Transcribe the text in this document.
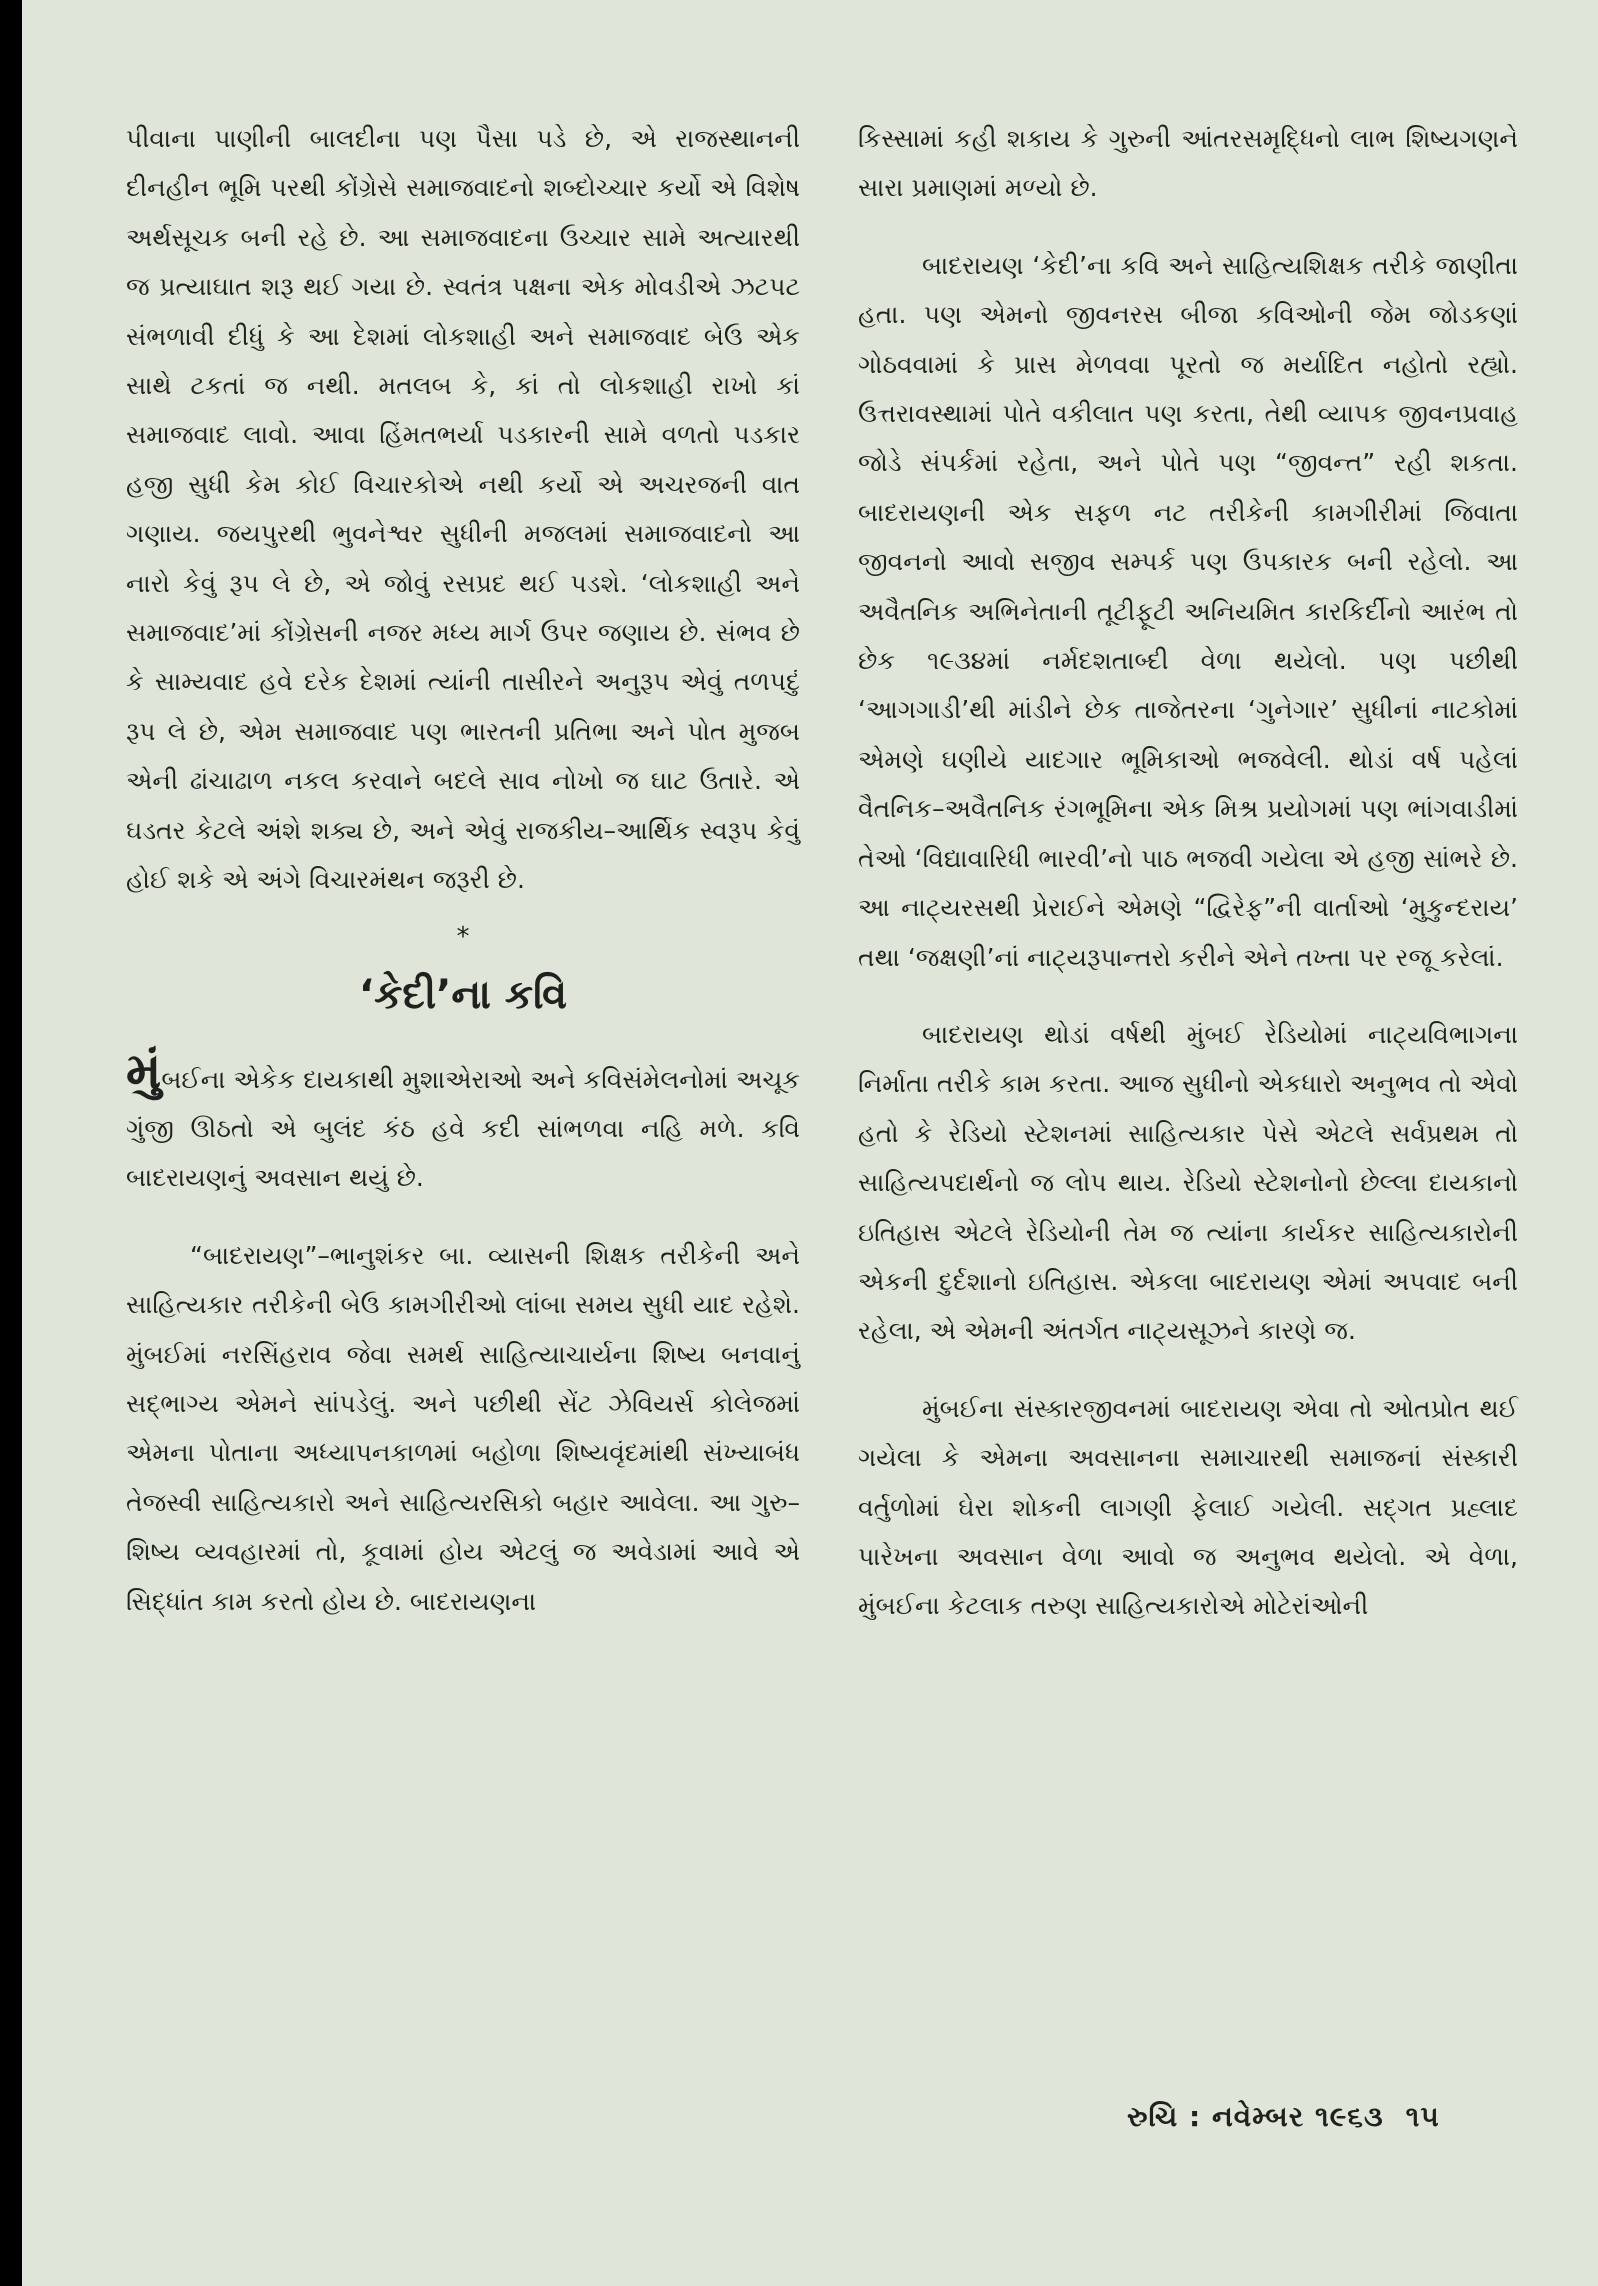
પીવાના પાણીની બાલદીના પણ પૈસા પડે છે, એ રાજસ્થાનની દીનહીન ભૂમિ પરથી કોંગ્રેસે સમાજવાદનો શબ્દોચ્ચાર કર્યો એ વિશેષ અર્થસૂચક બની રહે છે. આ સમાજવાદના ઉચ્ચાર સામે અત્યારથી જ પ્રત્યાઘાત શરૂ થઈ ગયા છે. સ્વતંત્ર પક્ષના એક મોવડીએ ઝટપટ સંભળાવી દીધું કે આ દેશમાં લોકશાહી અને સમાજવાદ બેઉ એક સાથે ટકતાં જ નથી. મતલબ કે, કાં તો લોકશાહી રાખો કાં સમાજવાદ લાવો. આવા હિંમતભર્યા પડકારની સામે વળતો પડકાર હજી સુધી કેમ કોઈ વિચારકોએ નથી કર્યો એ અચરજની વાત ગણાય. જયપુરથી ભુવનેશ્વર સુધીની મજલમાં સમાજવાદનો આ નારો કેવું રૂપ લે છે, એ જોવું રસપ્રદ થઈ પડશે. ‘લોકશાહી અને સમાજવાદ’માં કોંગ્રેસની નજર મધ્ય માર્ગ ઉપર જણાય છે. સંભવ છે કે સામ્યવાદ હવે દરેક દેશમાં ત્યાંની તાસીરને અનુરૂપ એવું તળપદું રૂપ લે છે, એમ સમાજવાદ પણ ભારતની પ્રતિભા અને પોત મુજબ એની ઢાંચાઢાળ નકલ કરવાને બદલે સાવ નોખો જ ઘાટ ઉતારે. એ ઘડતર કેટલે અંશે શક્ય છે, અને એવું રાજકીય–આર્થિક સ્વરૂપ કેવું હોઈ શકે એ અંગે વિચારમંથન જરૂરી છે.

*
‘કેદી’ના કવિ

મુંબઈના એકેક દાયકાથી મુશાએરાઓ અને કવિસંમેલનોમાં અચૂક ગુંજી ઊઠતો એ બુલંદ કંઠ હવે કદી સાંભળવા નહિ મળે. કવિ બાદરાયણનું અવસાન થયું છે.

“બાદરાયણ”–ભાનુશંકર બા. વ્યાસની શિક્ષક તરીકેની અને સાહિત્યકાર તરીકેની બેઉ કામગીરીઓ લાંબા સમય સુધી યાદ રહેશે. મુંબઈમાં નરસિંહરાવ જેવા સમર્થ સાહિત્યાચાર્યના શિષ્ય બનવાનું સદ્ભાગ્ય એમને સાંપડેલું. અને પછીથી સેંટ ઝેવિયર્સ કોલેજમાં એમના પોતાના અધ્યાપનકાળમાં બહોળા શિષ્યવૃંદમાંથી સંખ્યાબંધ તેજસ્વી સાહિત્યકારો અને સાહિત્યરસિકો બહાર આવેલા. આ ગુરુ–શિષ્ય વ્યવહારમાં તો, કૂવામાં હોય એટલું જ અવેડામાં આવે એ સિદ્ધાંત કામ કરતો હોય છે. બાદરાયણના

કિસ્સામાં કહી શકાય કે ગુરુની આંતરસમૃદ્ધિનો લાભ શિષ્યગણને સારા પ્રમાણમાં મળ્યો છે.

બાદરાયણ ‘કેદી’ના કવિ અને સાહિત્યશિક્ષક તરીકે જાણીતા હતા. પણ એમનો જીવનરસ બીજા કવિઓની જેમ જોડકણાં ગોઠવવામાં કે પ્રાસ મેળવવા પૂરતો જ મર્યાદિત નહોતો રહ્યો. ઉત્તરાવસ્થામાં પોતે વકીલાત પણ કરતા, તેથી વ્યાપક જીવનપ્રવાહ જોડે સંપર્કમાં રહેતા, અને પોતે પણ “જીવન્ત” રહી શકતા. બાદરાયણની એક સફળ નટ તરીકેની કામગીરીમાં જિવાતા જીવનનો આવો સજીવ સમ્પર્ક પણ ઉપકારક બની રહેલો. આ અવૈતનિક અભિનેતાની તૂટીફૂટી અનિયમિત કારકિર્દીનો આરંભ તો છેક ૧૯૩૪માં નર્મદશતાબ્દી વેળા થયેલો. પણ પછીથી ‘આગગાડી’થી માંડીને છેક તાજેતરના ‘ગુનેગાર’ સુધીનાં નાટકોમાં એમણે ઘણીયે યાદગાર ભૂમિકાઓ ભજવેલી. થોડાં વર્ષ પહેલાં વૈતનિક–અવૈતનિક રંગભૂમિના એક મિશ્ર પ્રયોગમાં પણ ભાંગવાડીમાં તેઓ ‘વિદ્યાવારિધી ભારવી’નો પાઠ ભજવી ગયેલા એ હજી સાંભરે છે. આ નાટ્યરસથી પ્રેરાઈને એમણે “દ્વિરેફ”ની વાર્તાઓ ‘મુકુન્દરાય’ તથા ‘જક્ષણી’નાં નાટ્યરૂપાન્તરો કરીને એને તખ્તા પર રજૂ કરેલાં.

બાદરાયણ થોડાં વર્ષથી મુંબઈ રેડિયોમાં નાટ્યવિભાગના નિર્માતા તરીકે કામ કરતા. આજ સુધીનો એકધારો અનુભવ તો એવો હતો કે રેડિયો સ્ટેશનમાં સાહિત્યકાર પેસે એટલે સર્વપ્રથમ તો સાહિત્યપદાર્થનો જ લોપ થાય. રેડિયો સ્ટેશનોનો છેલ્લા દાયકાનો ઇતિહાસ એટલે રેડિયોની તેમ જ ત્યાંના કાર્યકર સાહિત્યકારોની એકની દુર્દશાનો ઇતિહાસ. એકલા બાદરાયણ એમાં અપવાદ બની રહેલા, એ એમની અંતર્ગત નાટ્યસૂઝને કારણે જ.

મુંબઈના સંસ્કારજીવનમાં બાદરાયણ એવા તો ઓતપ્રોત થઈ ગયેલા કે એમના અવસાનના સમાચારથી સમાજનાં સંસ્કારી વર્તુળોમાં ઘેરા શોકની લાગણી ફેલાઈ ગયેલી. સદ્ગત પ્રહ્લાદ પારેખના અવસાન વેળા આવો જ અનુભવ થયેલો. એ વેળા, મુંબઈના કેટલાક તરુણ સાહિત્યકારોએ મોટેરાંઓની

રુચિ : નવેમ્બર ૧૯૬૩ ૧૫
